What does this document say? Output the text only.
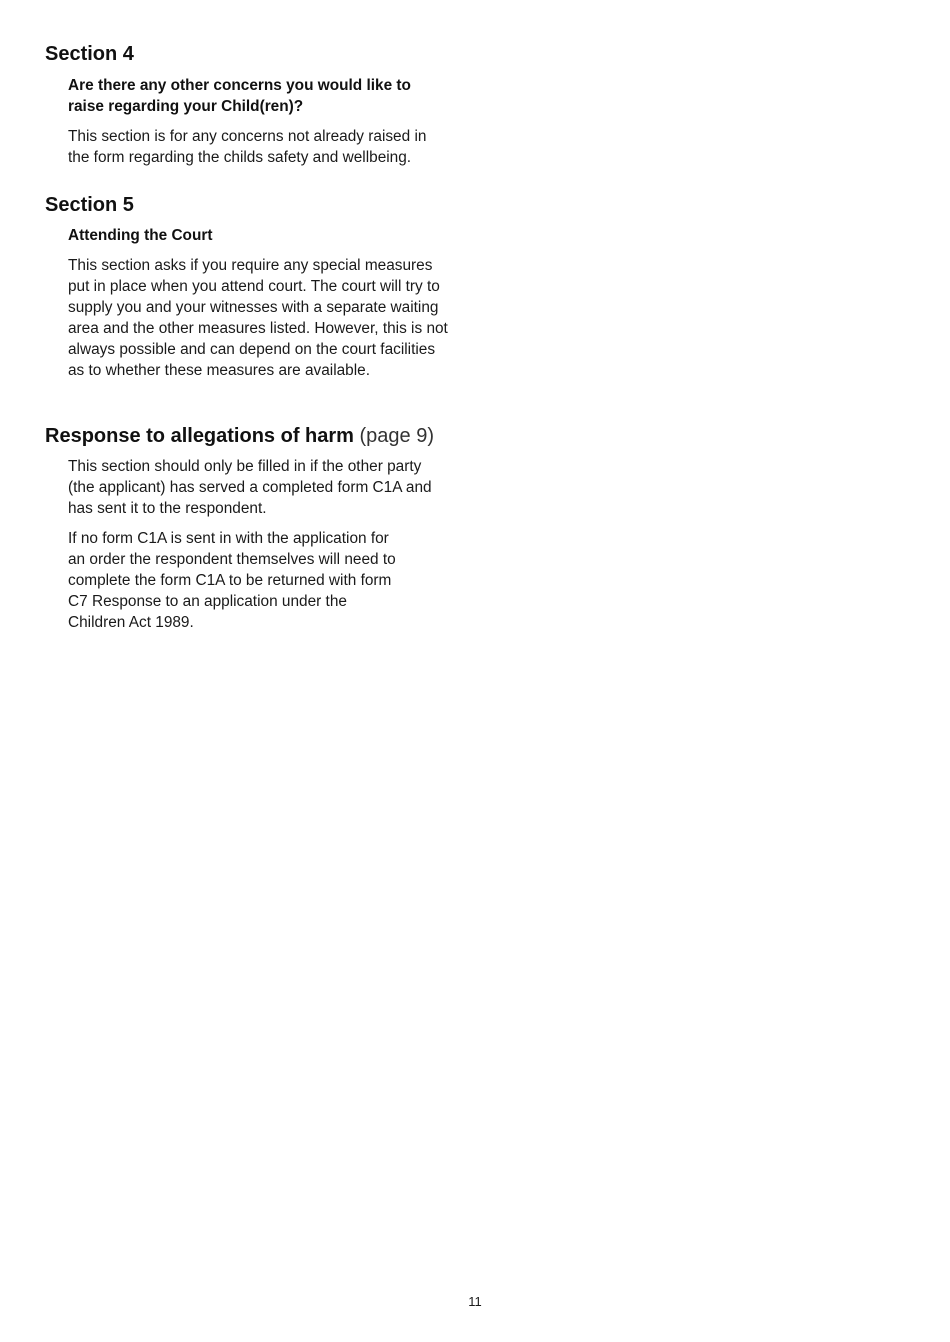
Section 4

Are there any other concerns you would like to
raise regarding your Child(ren)?

This section is for any concerns not already raised in
the form regarding the childs safety and wellbeing.

Section 5

Attending the Court

This section asks if you require any special measures
put in place when you attend court. The court will try to
supply you and your witnesses with a separate waiting
area and the other measures listed. However, this is not
always possible and can depend on the court facilities
as to whether these measures are available.

Response to allegations of harm (page 9)

This section should only be filled in if the other party
(the applicant) has served a completed form C1A and
has sent it to the respondent.

If no form C1A is sent in with the application for
an order the respondent themselves will need to
complete the form C1A to be returned with form
C7 Response to an application under the
Children Act 1989.

11
